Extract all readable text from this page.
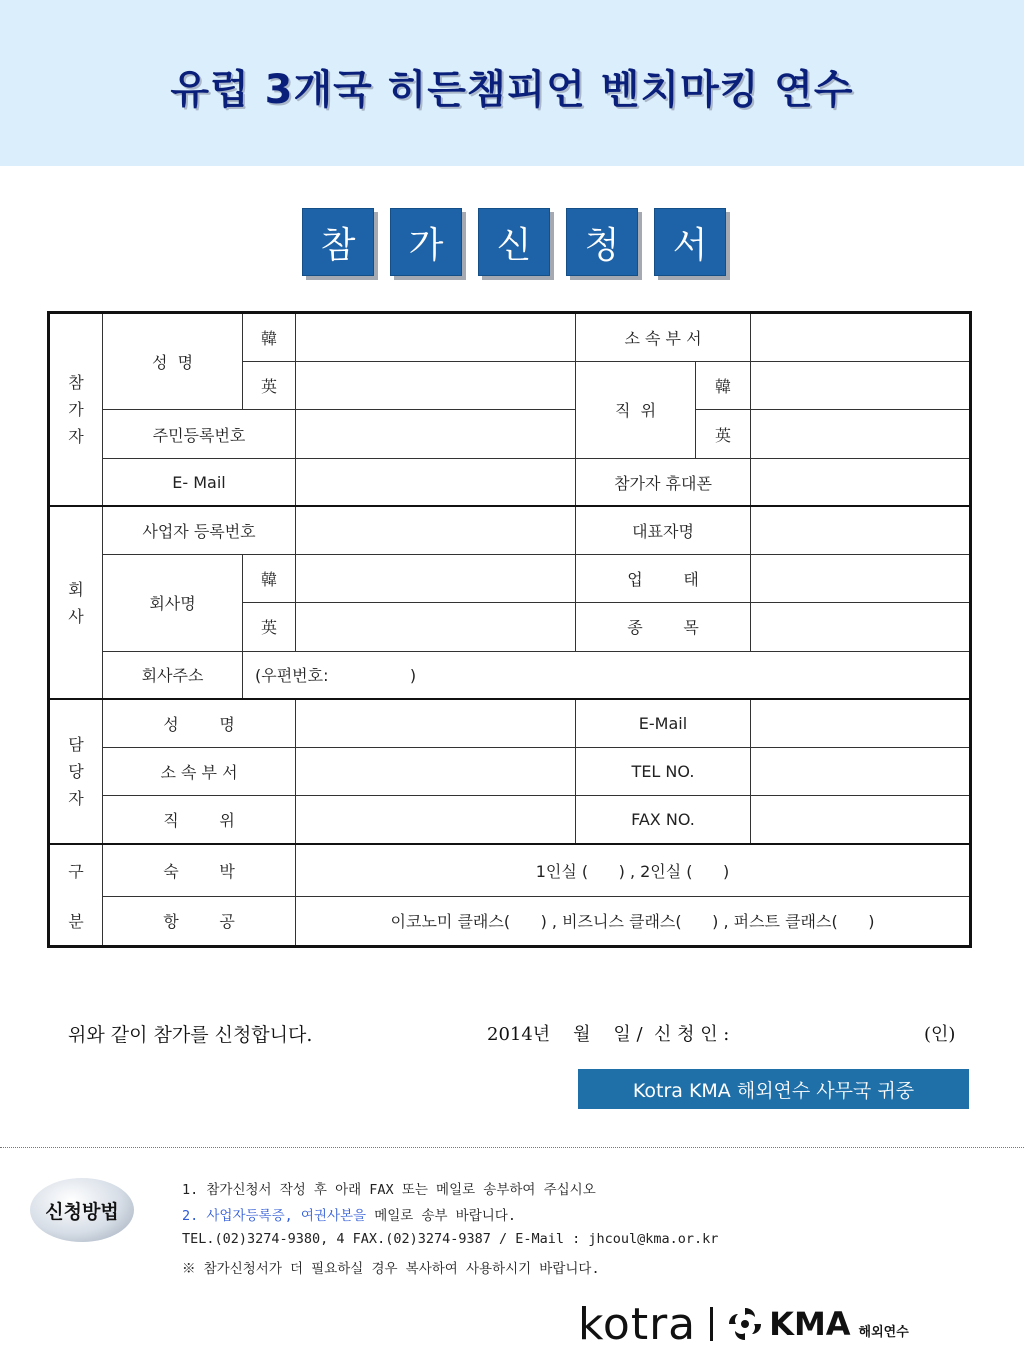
유럽 3개국 히든챔피언 벤치마킹 연수
참	가	신	청	서
참
가
자	성  명	韓		소 속 부 서		
		英		직  위	韓	
	주민등록번호				英	
	E- Mail			참가자 휴대폰		
회
사	사업자 등록번호			대표자명		
	회사명	韓		업        태		
		英		종        목		
	회사주소	(우편번호:                )				
담
당
자	성        명			E-Mail		
	소 속 부 서			TEL NO.		
	직        위			FAX NO.		
구	숙        박		1인실 (      ) , 2인실 (      )			
분	항        공		이코노미 클래스(      ) , 비즈니스 클래스(      ) , 퍼스트 클래스(      )			
위와 같이 참가를 신청합니다.	2014년    월    일 /  신 청 인 :	(인)
Kotra KMA 해외연수 사무국 귀중
신청방법
1. 참가신청서 작성 후 아래 FAX 또는 메일로 송부하여 주십시오
2. 사업자등록증, 여권사본을 메일로 송부 바랍니다.
TEL.(02)3274-9380, 4 FAX.(02)3274-9387 / E-Mail : jhcoul@kma.or.kr
※ 참가신청서가 더 필요하실 경우 복사하여 사용하시기 바랍니다.
kotra KMA 해외연수
